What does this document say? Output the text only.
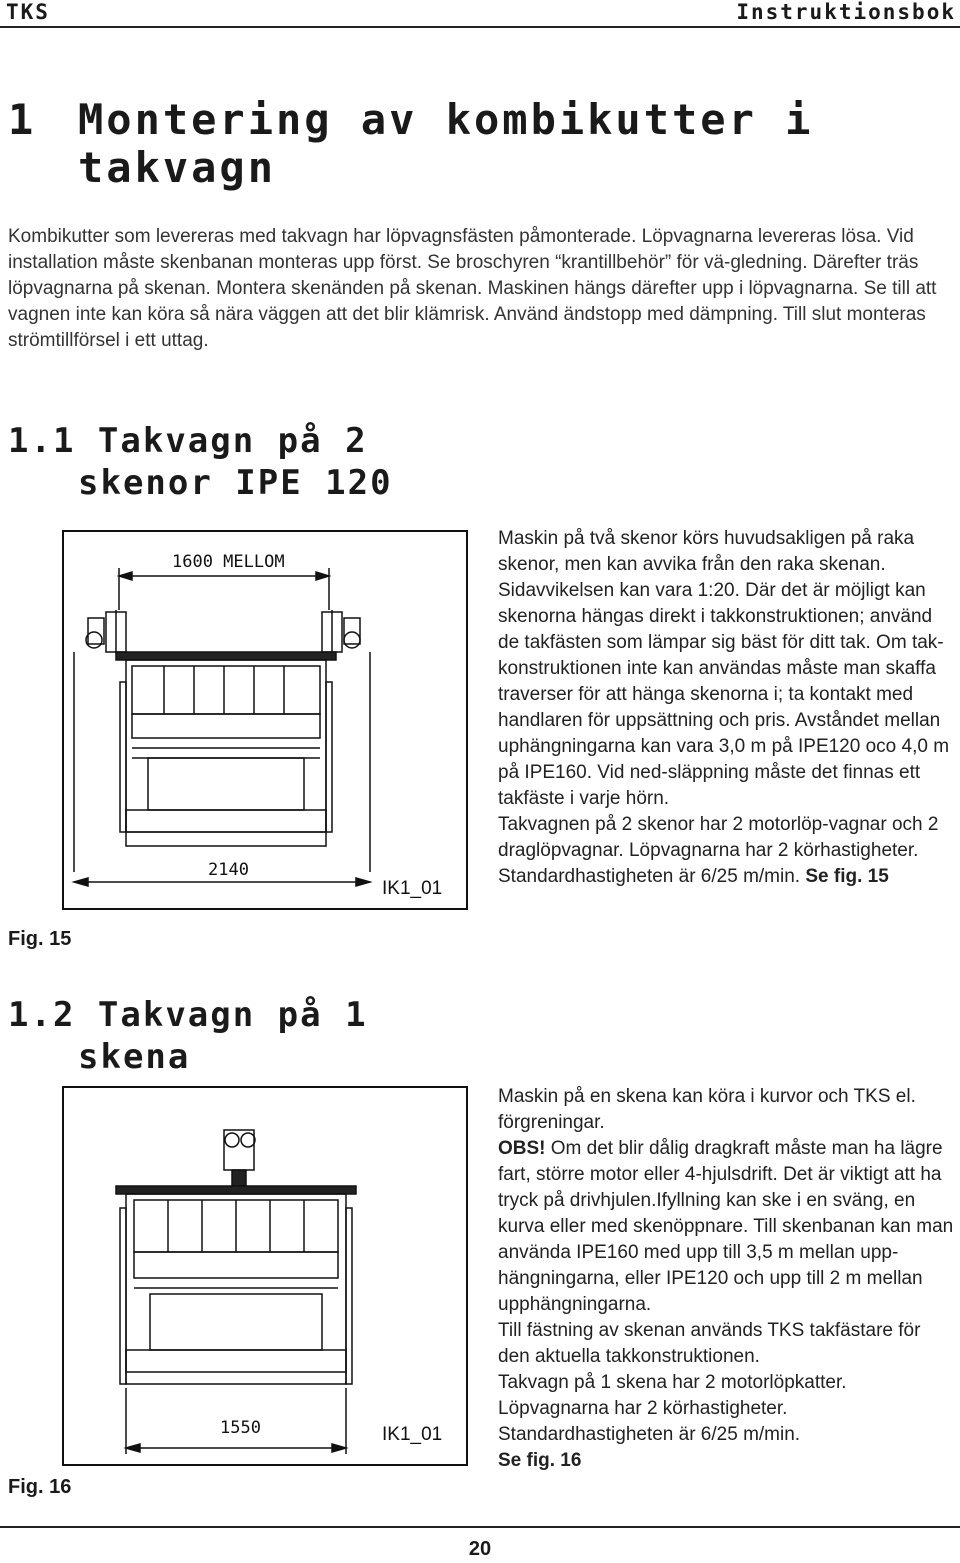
TKS	Instruktionsbok
1 Montering av kombikutter i
takvagn
Kombikutter som levereras med takvagn har löpvagnsfästen påmonterade. Löpvagnarna levereras lösa. Vid installation måste skenbanan monteras upp först. Se broschyren “krantillbehör” för vä-gledning. Därefter träs löpvagnarna på skenan. Montera skenänden på skenan. Maskinen hängs därefter upp i löpvagnarna. Se till att vagnen inte kan köra så nära väggen att det blir klämrisk. Använd ändstopp med dämpning. Till slut monteras strömtillförsel i ett uttag.
1.1 Takvagn på 2
skenor IPE 120
1600 MELLOM
2140
IK1_01
Fig. 15

Maskin på två skenor körs huvudsakligen på raka skenor, men kan avvika från den raka skenan. Sidavvikelsen kan vara 1:20. Där det är möjligt kan skenorna hängas direkt i takkonstruktionen; använd de takfästen som lämpar sig bäst för ditt tak. Om tak-konstruktionen inte kan användas måste man skaffa traverser för att hänga skenorna i; ta kontakt med handlaren för uppsättning och pris. Avståndet mellan uphängningarna kan vara 3,0 m på IPE120 oco 4,0 m på IPE160. Vid ned-släppning måste det finnas ett takfäste i varje hörn.

Takvagnen på 2 skenor har 2 motorlöp-vagnar och 2 draglöpvagnar. Löpvagnarna har 2 körhastigheter. Standardhastigheten är 6/25 m/min. Se fig. 15

1.2 Takvagn på 1
skena
1550	IK1_01
Fig. 16

Maskin på en skena kan köra i kurvor och TKS el. förgreningar.

OBS! Om det blir dålig dragkraft måste man ha lägre fart, större motor eller 4-hjulsdrift. Det är viktigt att ha tryck på drivhjulen.Ifyllning kan ske i en sväng, en kurva eller med skenöppnare. Till skenbanan kan man använda IPE160 med upp till 3,5 m mellan upp-hängningarna, eller IPE120 och upp till 2 m mellan upphängningarna.

Till fästning av skenan används TKS takfästare för den aktuella takkonstruktionen.

Takvagn på 1 skena har 2 motorlöpkatter. Löpvagnarna har 2 körhastigheter. Standardhastigheten är 6/25 m/min.

Se fig. 16

20
